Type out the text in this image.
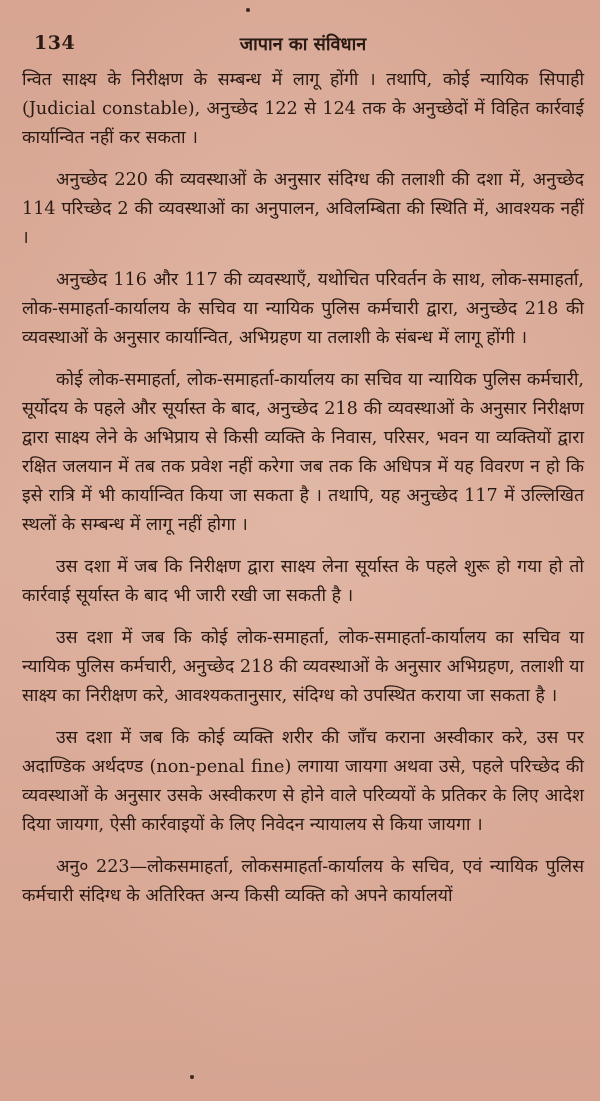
134	जापान का संविधान

न्वित साक्ष्य के निरीक्षण के सम्बन्ध में लागू होंगी । तथापि, कोई न्यायिक सिपाही (Judicial constable), अनुच्छेद 122 से 124 तक के अनुच्छेदों में विहित कार्रवाई कार्यान्वित नहीं कर सकता ।

अनुच्छेद 220 की व्यवस्थाओं के अनुसार संदिग्ध की तलाशी की दशा में, अनुच्छेद 114 परिच्छेद 2 की व्यवस्थाओं का अनुपालन, अविलम्बिता की स्थिति में, आवश्यक नहीं ।

अनुच्छेद 116 और 117 की व्यवस्थाएँ, यथोचित परिवर्तन के साथ, लोक-समाहर्ता, लोक-समाहर्ता-कार्यालय के सचिव या न्यायिक पुलिस कर्मचारी द्वारा, अनुच्छेद 218 की व्यवस्थाओं के अनुसार कार्यान्वित, अभिग्रहण या तलाशी के संबन्ध में लागू होंगी ।

कोई लोक-समाहर्ता, लोक-समाहर्ता-कार्यालय का सचिव या न्यायिक पुलिस कर्मचारी, सूर्योदय के पहले और सूर्यास्त के बाद, अनुच्छेद 218 की व्यवस्थाओं के अनुसार निरीक्षण द्वारा साक्ष्य लेने के अभिप्राय से किसी व्यक्ति के निवास, परिसर, भवन या व्यक्तियों द्वारा रक्षित जलयान में तब तक प्रवेश नहीं करेगा जब तक कि अधिपत्र में यह विवरण न हो कि इसे रात्रि में भी कार्यान्वित किया जा सकता है । तथापि, यह अनुच्छेद 117 में उल्लिखित स्थलों के सम्बन्ध में लागू नहीं होगा ।

उस दशा में जब कि निरीक्षण द्वारा साक्ष्य लेना सूर्यास्त के पहले शुरू हो गया हो तो कार्रवाई सूर्यास्त के बाद भी जारी रखी जा सकती है ।

उस दशा में जब कि कोई लोक-समाहर्ता, लोक-समाहर्ता-कार्यालय का सचिव या न्यायिक पुलिस कर्मचारी, अनुच्छेद 218 की व्यवस्थाओं के अनुसार अभिग्रहण, तलाशी या साक्ष्य का निरीक्षण करे, आवश्यकतानुसार, संदिग्ध को उपस्थित कराया जा सकता है ।

उस दशा में जब कि कोई व्यक्ति शरीर की जाँच कराना अस्वीकार करे, उस पर अदाण्डिक अर्थदण्ड (non-penal fine) लगाया जायगा अथवा उसे, पहले परिच्छेद की व्यवस्थाओं के अनुसार उसके अस्वीकरण से होने वाले परिव्ययों के प्रतिकर के लिए आदेश दिया जायगा, ऐसी कार्रवाइयों के लिए निवेदन न्यायालय से किया जायगा ।

अनु० 223—लोकसमाहर्ता, लोकसमाहर्ता-कार्यालय के सचिव, एवं न्यायिक पुलिस कर्मचारी संदिग्ध के अतिरिक्त अन्य किसी व्यक्ति को अपने कार्यालयों
